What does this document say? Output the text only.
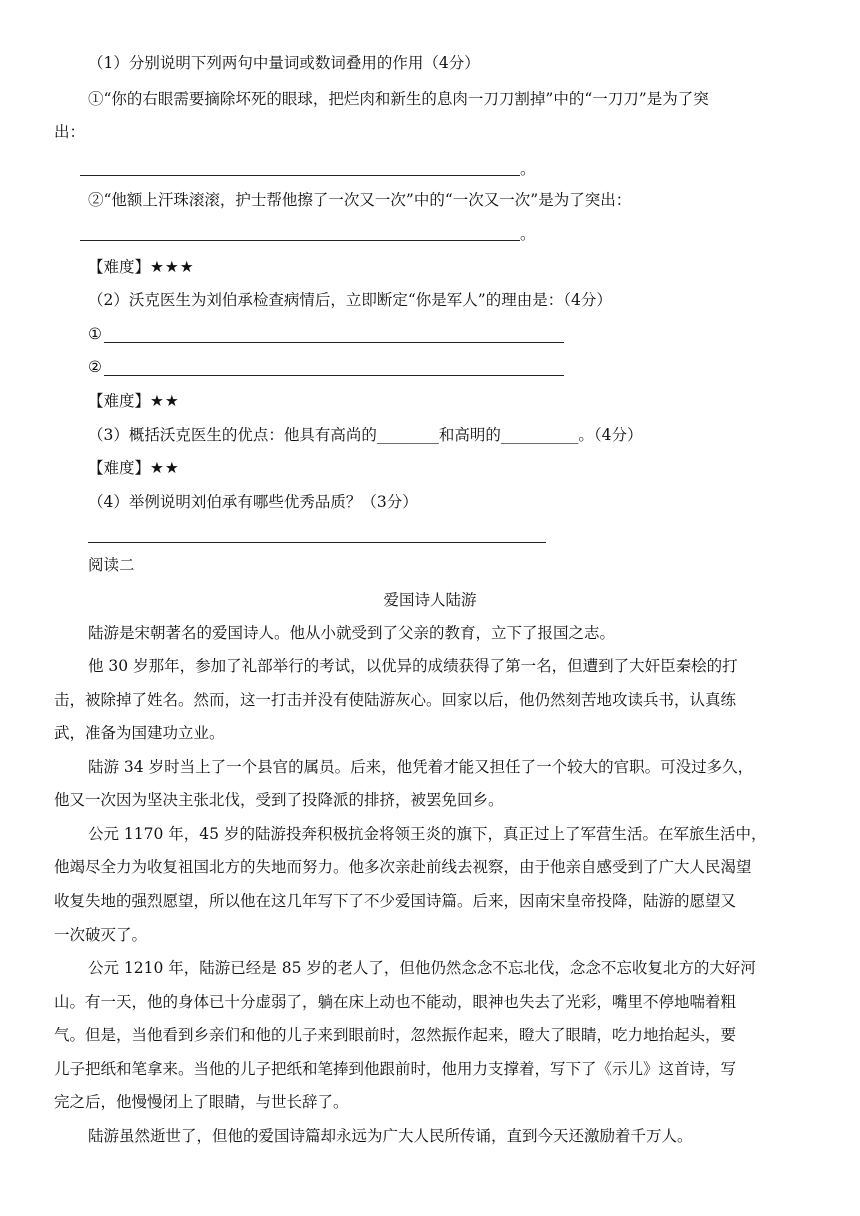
（1）分别说明下列两句中量词或数词叠用的作用（4分）
①“你的右眼需要摘除坏死的眼球，把烂肉和新生的息肉一刀刀割掉”中的“一刀刀”是为了突
出：
。
②“他额上汗珠滚滚，护士帮他擦了一次又一次”中的“一次又一次”是为了突出：
。
【难度】★★★
（2）沃克医生为刘伯承检查病情后，立即断定“你是军人”的理由是：（4分）
①
②
【难度】★★
（3）概括沃克医生的优点：他具有高尚的________和高明的__________。（4分）
【难度】★★
（4）举例说明刘伯承有哪些优秀品质？（3分）
阅读二
爱国诗人陆游
陆游是宋朝著名的爱国诗人。他从小就受到了父亲的教育，立下了报国之志。
他 30 岁那年，参加了礼部举行的考试，以优异的成绩获得了第一名，但遭到了大奸臣秦桧的打
击，被除掉了姓名。然而，这一打击并没有使陆游灰心。回家以后，他仍然刻苦地攻读兵书，认真练
武，准备为国建功立业。
陆游 34 岁时当上了一个县官的属员。后来，他凭着才能又担任了一个较大的官职。可没过多久，
他又一次因为坚决主张北伐，受到了投降派的排挤，被罢免回乡。
公元 1170 年，45 岁的陆游投奔积极抗金将领王炎的旗下，真正过上了军营生活。在军旅生活中，
他竭尽全力为收复祖国北方的失地而努力。他多次亲赴前线去视察，由于他亲自感受到了广大人民渴望
收复失地的强烈愿望，所以他在这几年写下了不少爱国诗篇。后来，因南宋皇帝投降，陆游的愿望又
一次破灭了。
公元 1210 年，陆游已经是 85 岁的老人了，但他仍然念念不忘北伐，念念不忘收复北方的大好河
山。有一天，他的身体已十分虚弱了，躺在床上动也不能动，眼神也失去了光彩，嘴里不停地喘着粗
气。但是，当他看到乡亲们和他的儿子来到眼前时，忽然振作起来，瞪大了眼睛，吃力地抬起头，要
儿子把纸和笔拿来。当他的儿子把纸和笔捧到他跟前时，他用力支撑着，写下了《示儿》这首诗，写
完之后，他慢慢闭上了眼睛，与世长辞了。
陆游虽然逝世了，但他的爱国诗篇却永远为广大人民所传诵，直到今天还激励着千万人。
